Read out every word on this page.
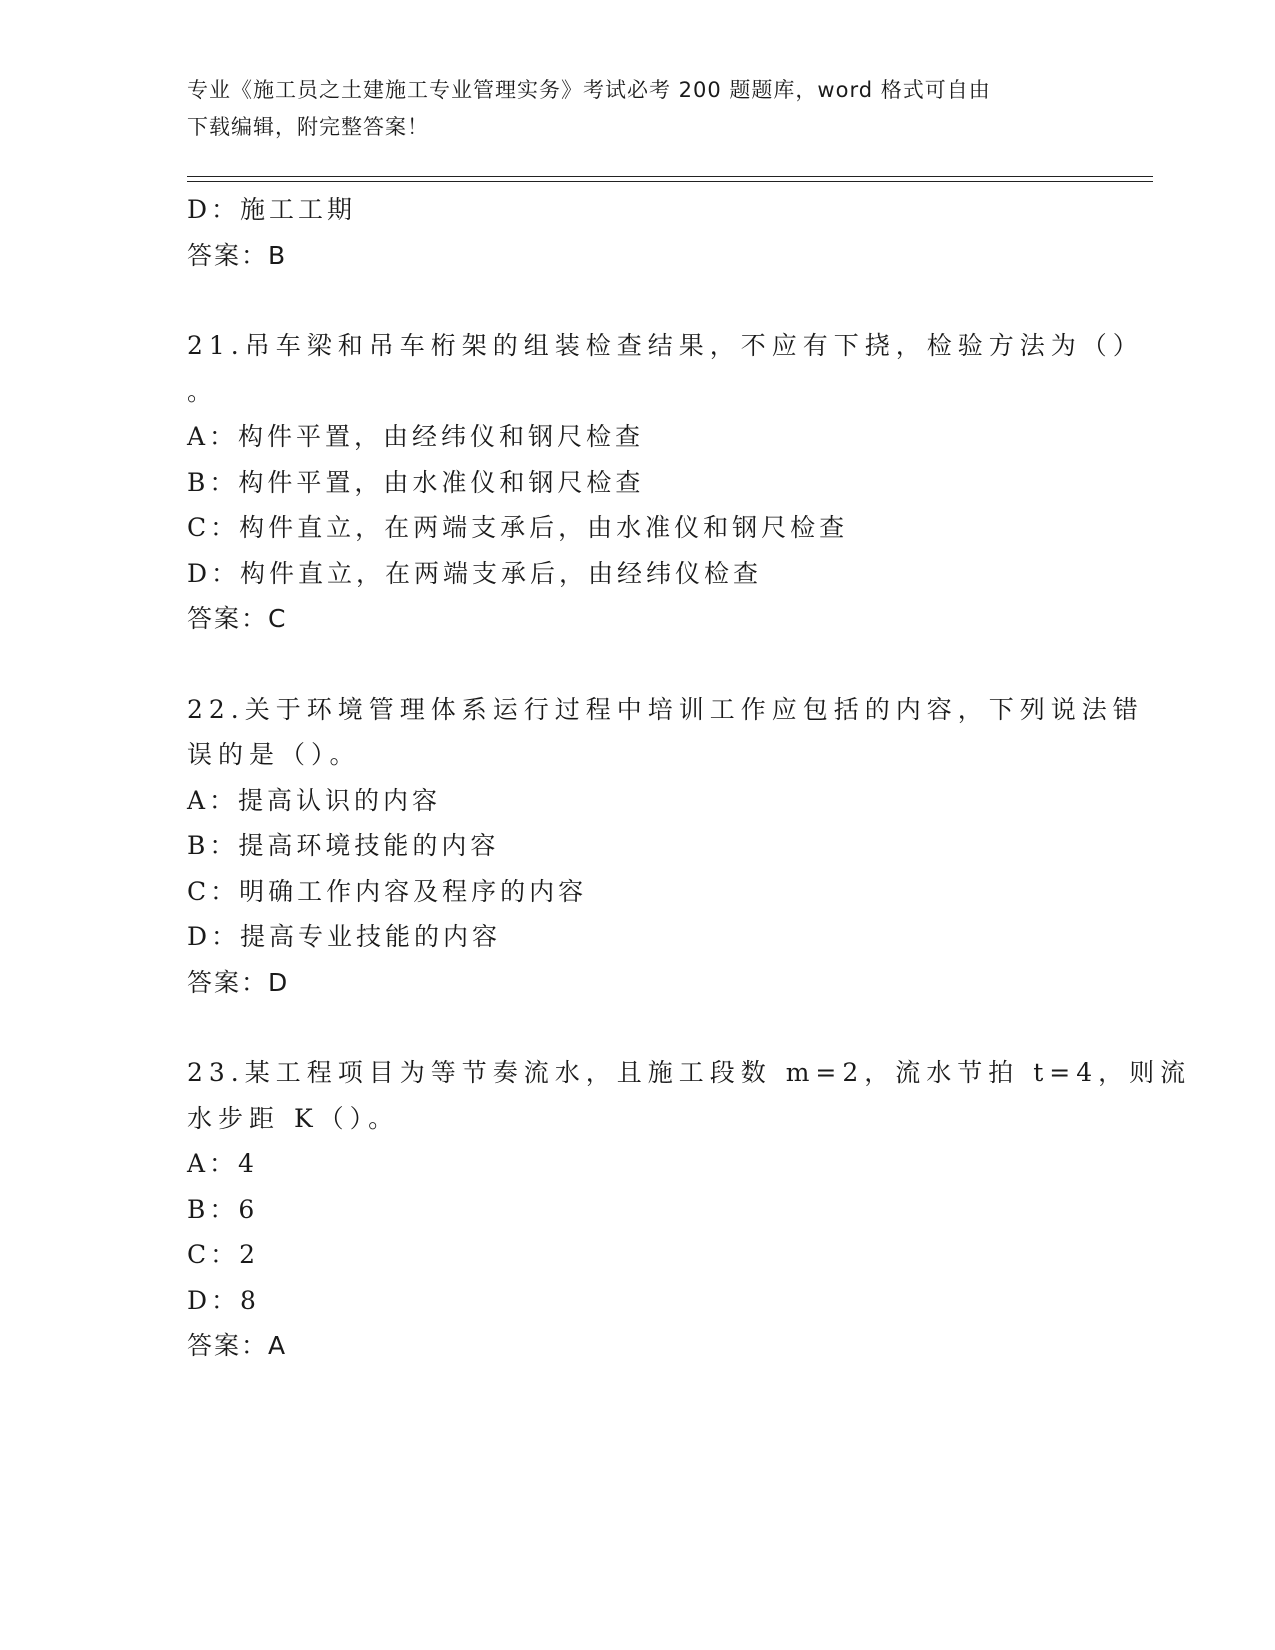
专业《施工员之土建施工专业管理实务》考试必考 200 题题库，word 格式可自由
下载编辑，附完整答案！
D：施工工期
答案：B
21.吊车梁和吊车桁架的组装检查结果，不应有下挠，检验方法为（）
。
A：构件平置，由经纬仪和钢尺检查
B：构件平置，由水准仪和钢尺检查
C：构件直立，在两端支承后，由水准仪和钢尺检查
D：构件直立，在两端支承后，由经纬仪检查
答案：C
22.关于环境管理体系运行过程中培训工作应包括的内容，下列说法错
误的是（）。
A：提高认识的内容
B：提高环境技能的内容
C：明确工作内容及程序的内容
D：提高专业技能的内容
答案：D
23.某工程项目为等节奏流水，且施工段数 m=2，流水节拍 t=4，则流
水步距 K（）。
A：4
B：6
C：2
D：8
答案：A
